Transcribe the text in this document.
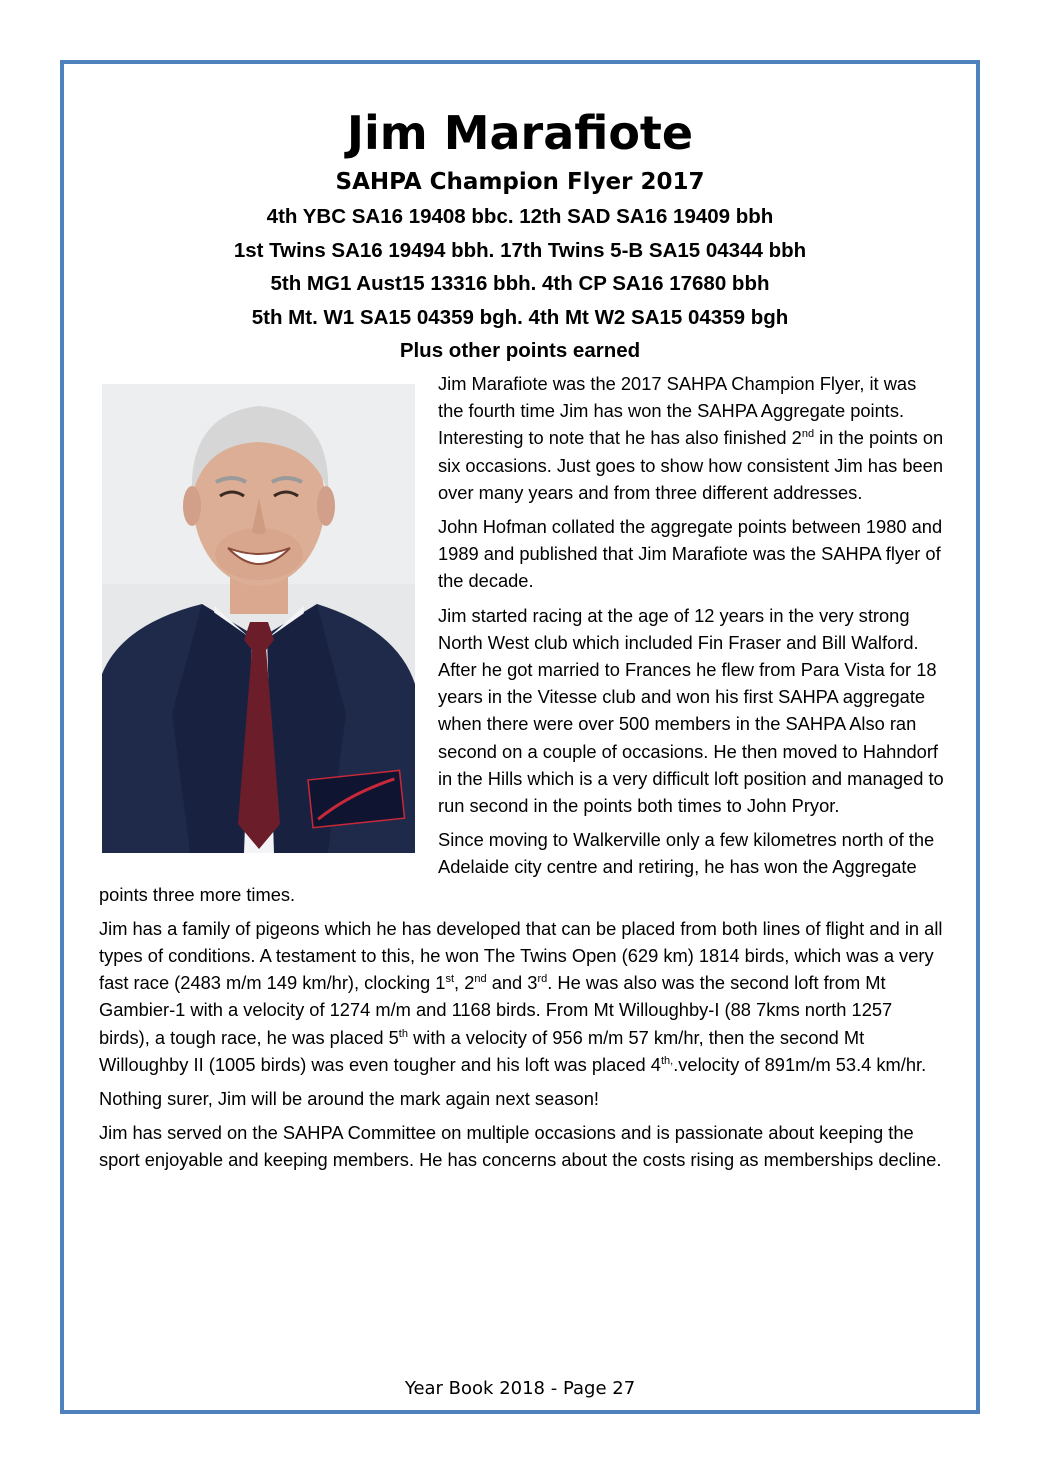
Jim Marafiote
SAHPA Champion Flyer 2017
4th YBC SA16 19408 bbc. 12th SAD SA16 19409 bbh
1st Twins SA16 19494 bbh. 17th Twins 5-B SA15 04344 bbh
5th MG1 Aust15 13316 bbh. 4th CP SA16 17680 bbh
5th Mt. W1 SA15 04359 bgh. 4th Mt W2 SA15 04359 bgh
Plus other points earned

Jim Marafiote was the 2017 SAHPA Champion Flyer, it was the fourth time Jim has won the SAHPA Aggregate points. Interesting to note that he has also finished 2nd in the points on six occasions. Just goes to show how consistent Jim has been over many years and from three different addresses.

John Hofman collated the aggregate points between 1980 and 1989 and published that Jim Marafiote was the SAHPA flyer of the decade.

Jim started racing at the age of 12 years in the very strong North West club which included Fin Fraser and Bill Walford. After he got married to Frances he flew from Para Vista for 18 years in the Vitesse club and won his first SAHPA aggregate when there were over 500 members in the SAHPA Also ran second on a couple of occasions. He then moved to Hahndorf in the Hills which is a very difficult loft position and managed to run second in the points both times to John Pryor.

Since moving to Walkerville only a few kilometres north of the Adelaide city centre and retiring, he has won the Aggregate points three more times.

Jim has a family of pigeons which he has developed that can be placed from both lines of flight and in all types of conditions. A testament to this, he won The Twins Open (629 km) 1814 birds, which was a very fast race (2483 m/m 149 km/hr), clocking 1st, 2nd and 3rd. He was also was the second loft from Mt Gambier-1 with a velocity of 1274 m/m and 1168 birds. From Mt Willoughby-I (88 7kms north 1257 birds), a tough race, he was placed 5th with a velocity of 956 m/m 57 km/hr, then the second Mt Willoughby II (1005 birds) was even tougher and his loft was placed $4^{th,}.velocity$ of 891m/m 53.4 km/hr.

Nothing surer, Jim will be around the mark again next season!

Jim has served on the SAHPA Committee on multiple occasions and is passionate about keeping the sport enjoyable and keeping members. He has concerns about the costs rising as memberships decline.

Year Book 2018 - Page 27
